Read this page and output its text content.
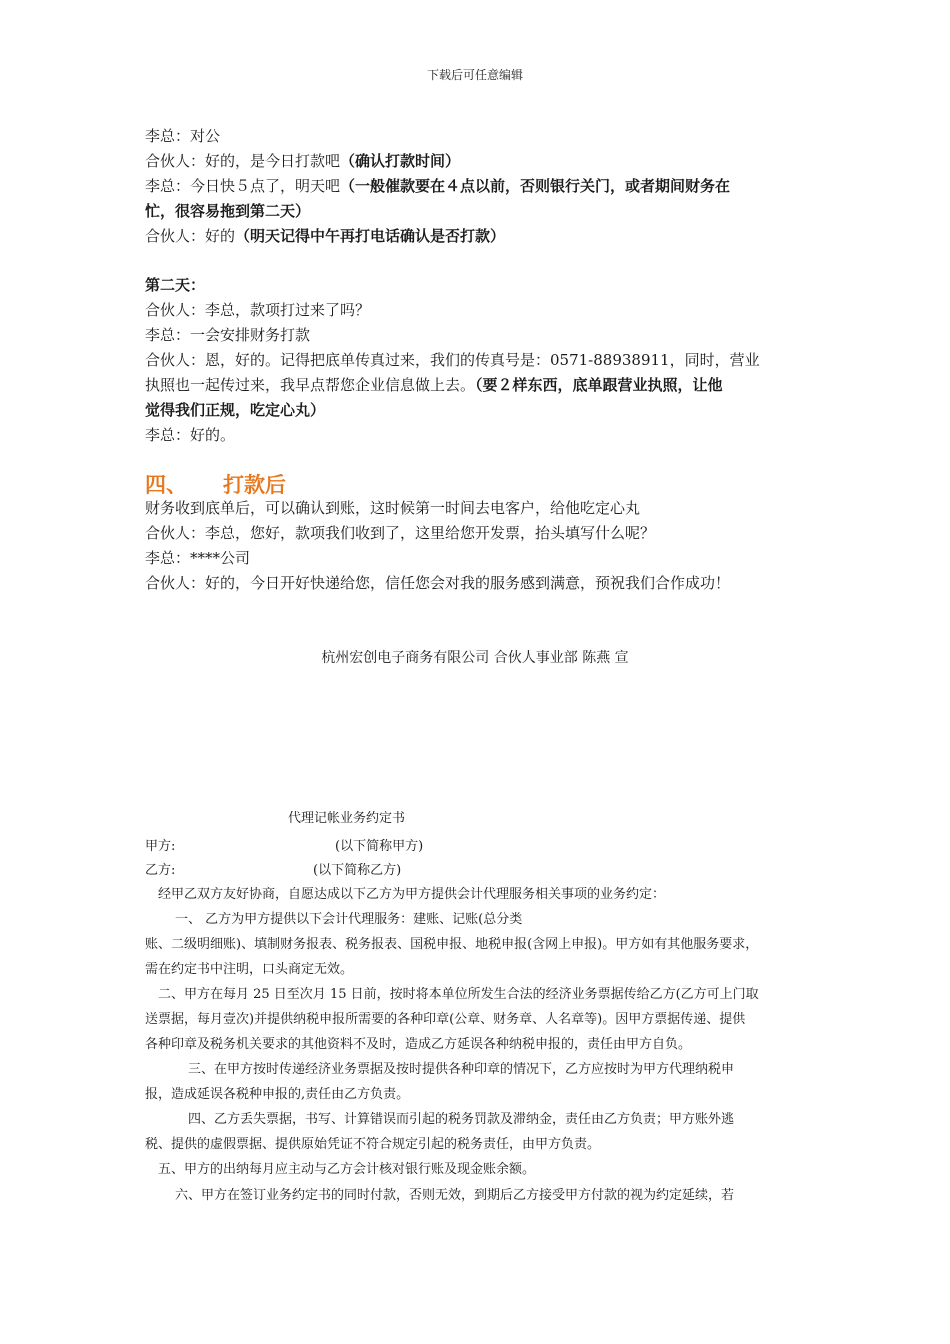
下载后可任意编辑
李总：对公
合伙人：好的，是今日打款吧（确认打款时间）
李总：今日快５点了，明天吧（一般催款要在４点以前，否则银行关门，或者期间财务在
忙，很容易拖到第二天）
合伙人：好的（明天记得中午再打电话确认是否打款）
第二天：
合伙人：李总，款项打过来了吗？
李总：一会安排财务打款
合伙人：恩，好的。记得把底单传真过来，我们的传真号是：0571-88938911，同时，营业
执照也一起传过来，我早点帮您企业信息做上去。（要２样东西，底单跟营业执照，让他
觉得我们正规，吃定心丸）
李总：好的。
四、 打款后
财务收到底单后，可以确认到账，这时候第一时间去电客户，给他吃定心丸
合伙人：李总，您好，款项我们收到了，这里给您开发票，抬头填写什么呢？
李总：****公司
合伙人：好的，今日开好快递给您，信任您会对我的服务感到满意，预祝我们合作成功！
杭州宏创电子商务有限公司 合伙人事业部 陈燕 宣
代理记帐业务约定书
甲方:	(以下简称甲方)
乙方:	(以下简称乙方)
经甲乙双方友好协商，自愿达成以下乙方为甲方提供会计代理服务相关事项的业务约定：
一、 乙方为甲方提供以下会计代理服务：建账、记账(总分类
账、二级明细账)、填制财务报表、税务报表、国税申报、地税申报(含网上申报)。甲方如有其他服务要求，
需在约定书中注明，口头商定无效。
二、甲方在每月 25 日至次月 15 日前，按时将本单位所发生合法的经济业务票据传给乙方(乙方可上门取
送票据，每月壹次)并提供纳税申报所需要的各种印章(公章、财务章、人名章等)。因甲方票据传递、提供
各种印章及税务机关要求的其他资料不及时，造成乙方延误各种纳税申报的，责任由甲方自负。
三、在甲方按时传递经济业务票据及按时提供各种印章的情况下，乙方应按时为甲方代理纳税申
报，造成延误各税种申报的,责任由乙方负责。
四、乙方丢失票据，书写、计算错误而引起的税务罚款及滞纳金，责任由乙方负责；甲方账外逃
税、提供的虚假票据、提供原始凭证不符合规定引起的税务责任，由甲方负责。
五、甲方的出纳每月应主动与乙方会计核对银行账及现金账余额。
六、甲方在签订业务约定书的同时付款，否则无效，到期后乙方接受甲方付款的视为约定延续，若
